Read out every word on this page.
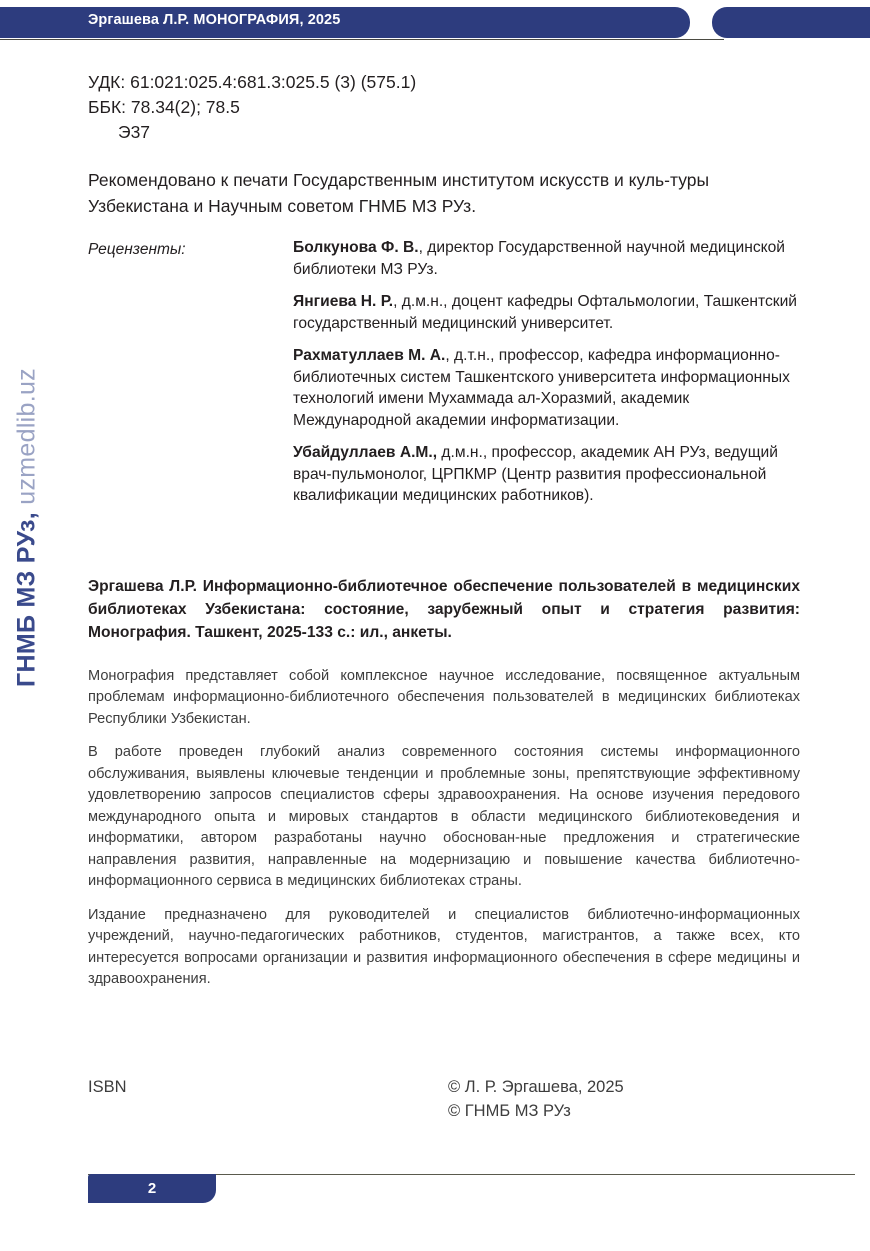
Эргашева Л.Р. МОНОГРАФИЯ, 2025
ГНМБ МЗ РУз, uzmedlib.uz
УДК: 61:021:025.4:681.3:025.5 (3) (575.1)
ББК: 78.34(2); 78.5
Э37
Рекомендовано к печати Государственным институтом искусств и куль-туры Узбекистана и Научным советом ГНМБ МЗ РУз.
Рецензенты:	Болкунова Ф. В., директор Государственной научной медицинской библиотеки МЗ РУз.
Янгиева Н. Р., д.м.н., доцент кафедры Офтальмологии, Ташкентский государственный медицинский университет.
Рахматуллаев М. А., д.т.н., профессор, кафедра информационно-библиотечных систем Ташкентского университета информационных технологий имени Мухаммада ал-Хоразмий, академик Международной академии информатизации.
Убайдуллаев А.М., д.м.н., профессор, академик АН РУз, ведущий врач-пульмонолог, ЦРПКМР (Центр развития профессиональной квалификации медицинских работников).
Эргашева Л.Р. Информационно-библиотечное обеспечение пользователей в медицинских библиотеках Узбекистана: состояние, зарубежный опыт и стратегия развития: Монография. Ташкент, 2025-133 с.: ил., анкеты.

Монография представляет собой комплексное научное исследование, посвященное актуальным проблемам информационно-библиотечного обеспечения пользователей в медицинских библиотеках Республики Узбекистан.

В работе проведен глубокий анализ современного состояния системы информационного обслуживания, выявлены ключевые тенденции и проблемные зоны, препятствующие эффективному удовлетворению запросов специалистов сферы здравоохранения. На основе изучения передового международного опыта и мировых стандартов в области медицинского библиотековедения и информатики, автором разработаны научно обоснован-ные предложения и стратегические направления развития, направленные на модернизацию и повышение качества библиотечно-информационного сервиса в медицинских библиотеках страны.

Издание предназначено для руководителей и специалистов библиотечно-информационных учреждений, научно-педагогических работников, студентов, магистрантов, а также всех, кто интересуется вопросами организации и развития информационного обеспечения в сфере медицины и здравоохранения.

ISBN	© Л. Р. Эргашева, 2025
© ГНМБ МЗ РУз
2
